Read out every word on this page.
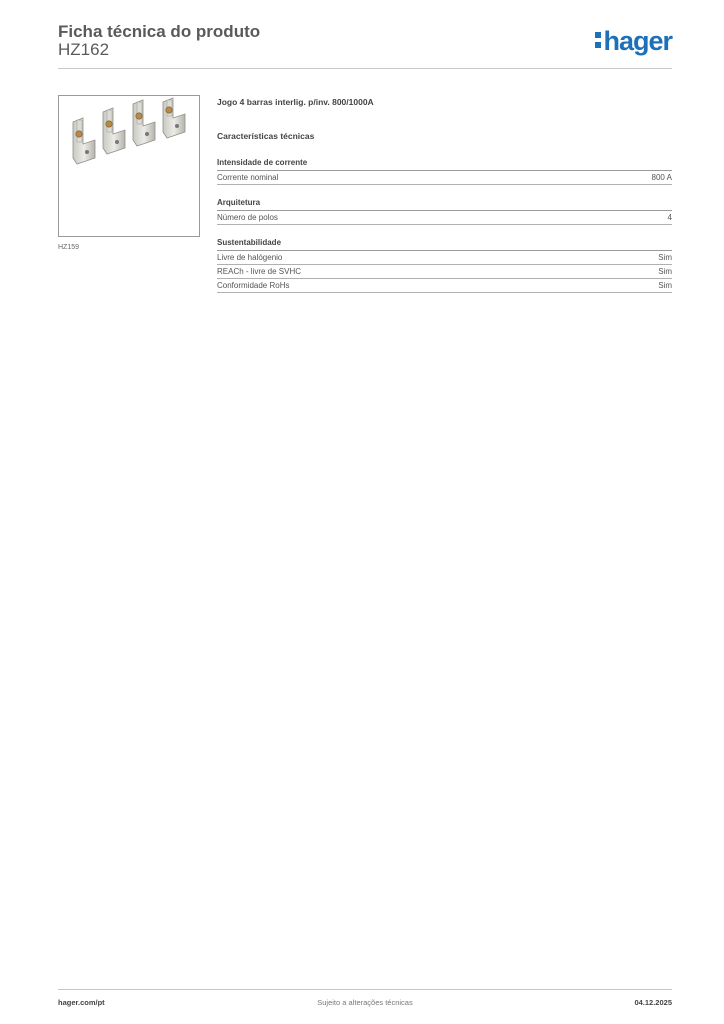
Ficha técnica do produto
HZ162	hager
HZ159
Jogo 4 barras interlig. p/inv. 800/1000A
Características técnicas
Intensidade de corrente
Corrente nominal	800 A
Arquitetura
Número de polos	4
Sustentabilidade
Livre de halógenio	Sim
REACh - livre de SVHC	Sim
Conformidade RoHs	Sim
hager.com/pt	Sujeito a alterações técnicas	04.12.2025
